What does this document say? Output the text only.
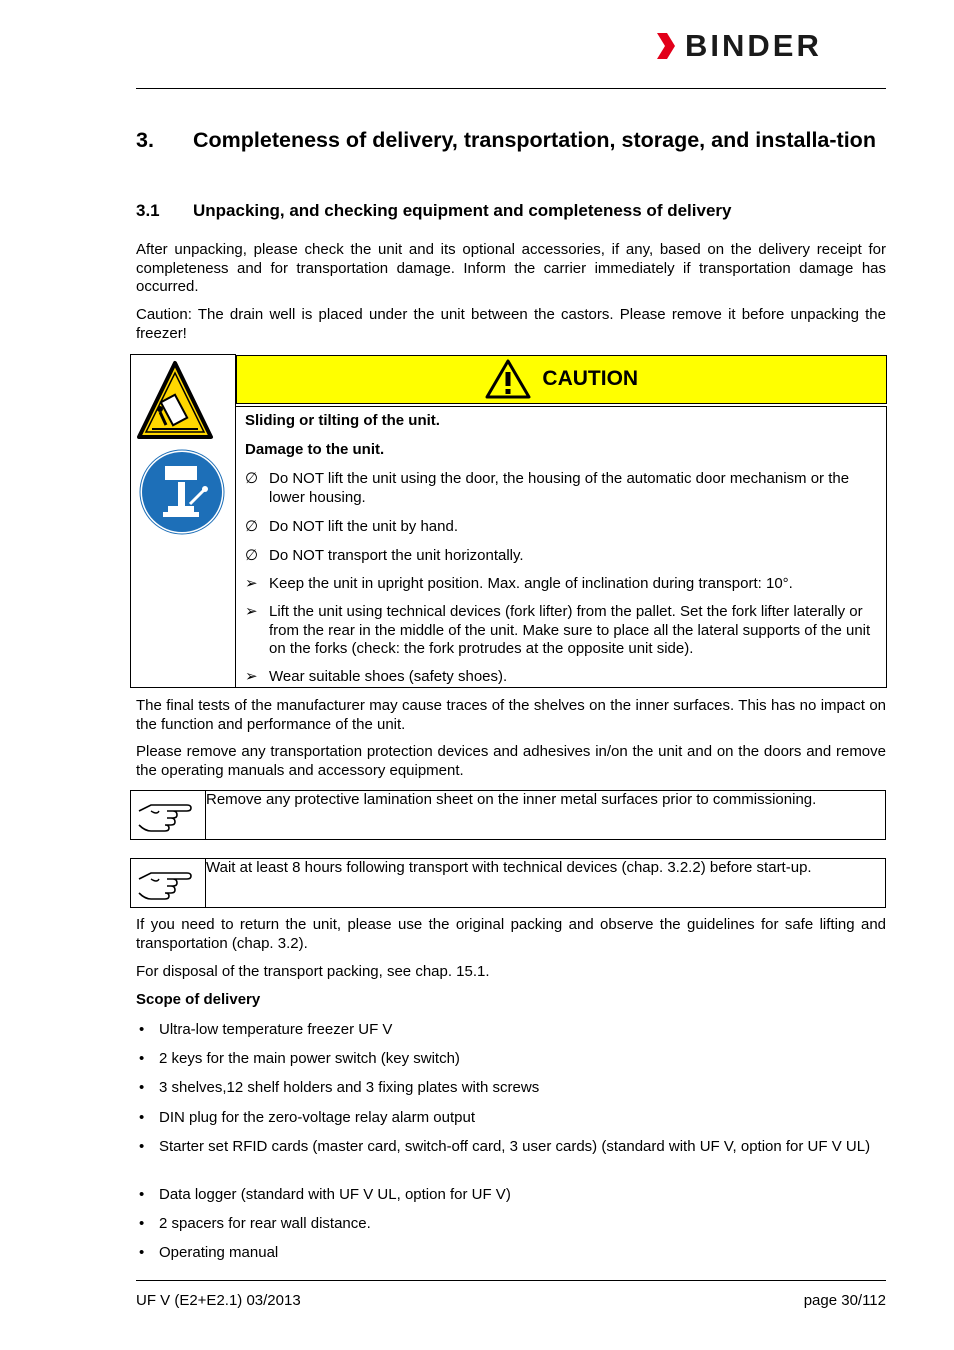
BINDER
3. Completeness of delivery, transportation, storage, and installa-tion
3.1 Unpacking, and checking equipment and completeness of delivery
After unpacking, please check the unit and its optional accessories, if any, based on the delivery receipt for completeness and for transportation damage. Inform the carrier immediately if transportation damage has occurred.
Caution: The drain well is placed under the unit between the castors. Please remove it before unpacking the freezer!

CAUTION

Sliding or tilting of the unit.
Damage to the unit.
∅ Do NOT lift the unit using the door, the housing of the automatic door mechanism or the lower housing.
∅ Do NOT lift the unit by hand.
∅ Do NOT transport the unit horizontally.
➢ Keep the unit in upright position. Max. angle of inclination during transport: 10°.
➢ Lift the unit using technical devices (fork lifter) from the pallet. Set the fork lifter laterally or from the rear in the middle of the unit. Make sure to place all the lateral supports of the unit on the forks (check: the fork protrudes at the opposite unit side).
➢ Wear suitable shoes (safety shoes).
The final tests of the manufacturer may cause traces of the shelves on the inner surfaces. This has no impact on the function and performance of the unit.
Please remove any transportation protection devices and adhesives in/on the unit and on the doors and remove the operating manuals and accessory equipment.
	Remove any protective lamination sheet on the inner metal surfaces prior to commissioning.
	Wait at least 8 hours following transport with technical devices (chap. 3.2.2) before start-up.
If you need to return the unit, please use the original packing and observe the guidelines for safe lifting and transportation (chap. 3.2).
For disposal of the transport packing, see chap. 15.1.
Scope of delivery
• Ultra-low temperature freezer UF V
• 2 keys for the main power switch (key switch)
• 3 shelves,12 shelf holders and 3 fixing plates with screws
• DIN plug for the zero-voltage relay alarm output
• Starter set RFID cards (master card, switch-off card, 3 user cards) (standard with UF V, option for UF V UL)
• Data logger (standard with UF V UL, option for UF V)
• 2 spacers for rear wall distance.
• Operating manual
UF V (E2+E2.1) 03/2013	page 30/112
